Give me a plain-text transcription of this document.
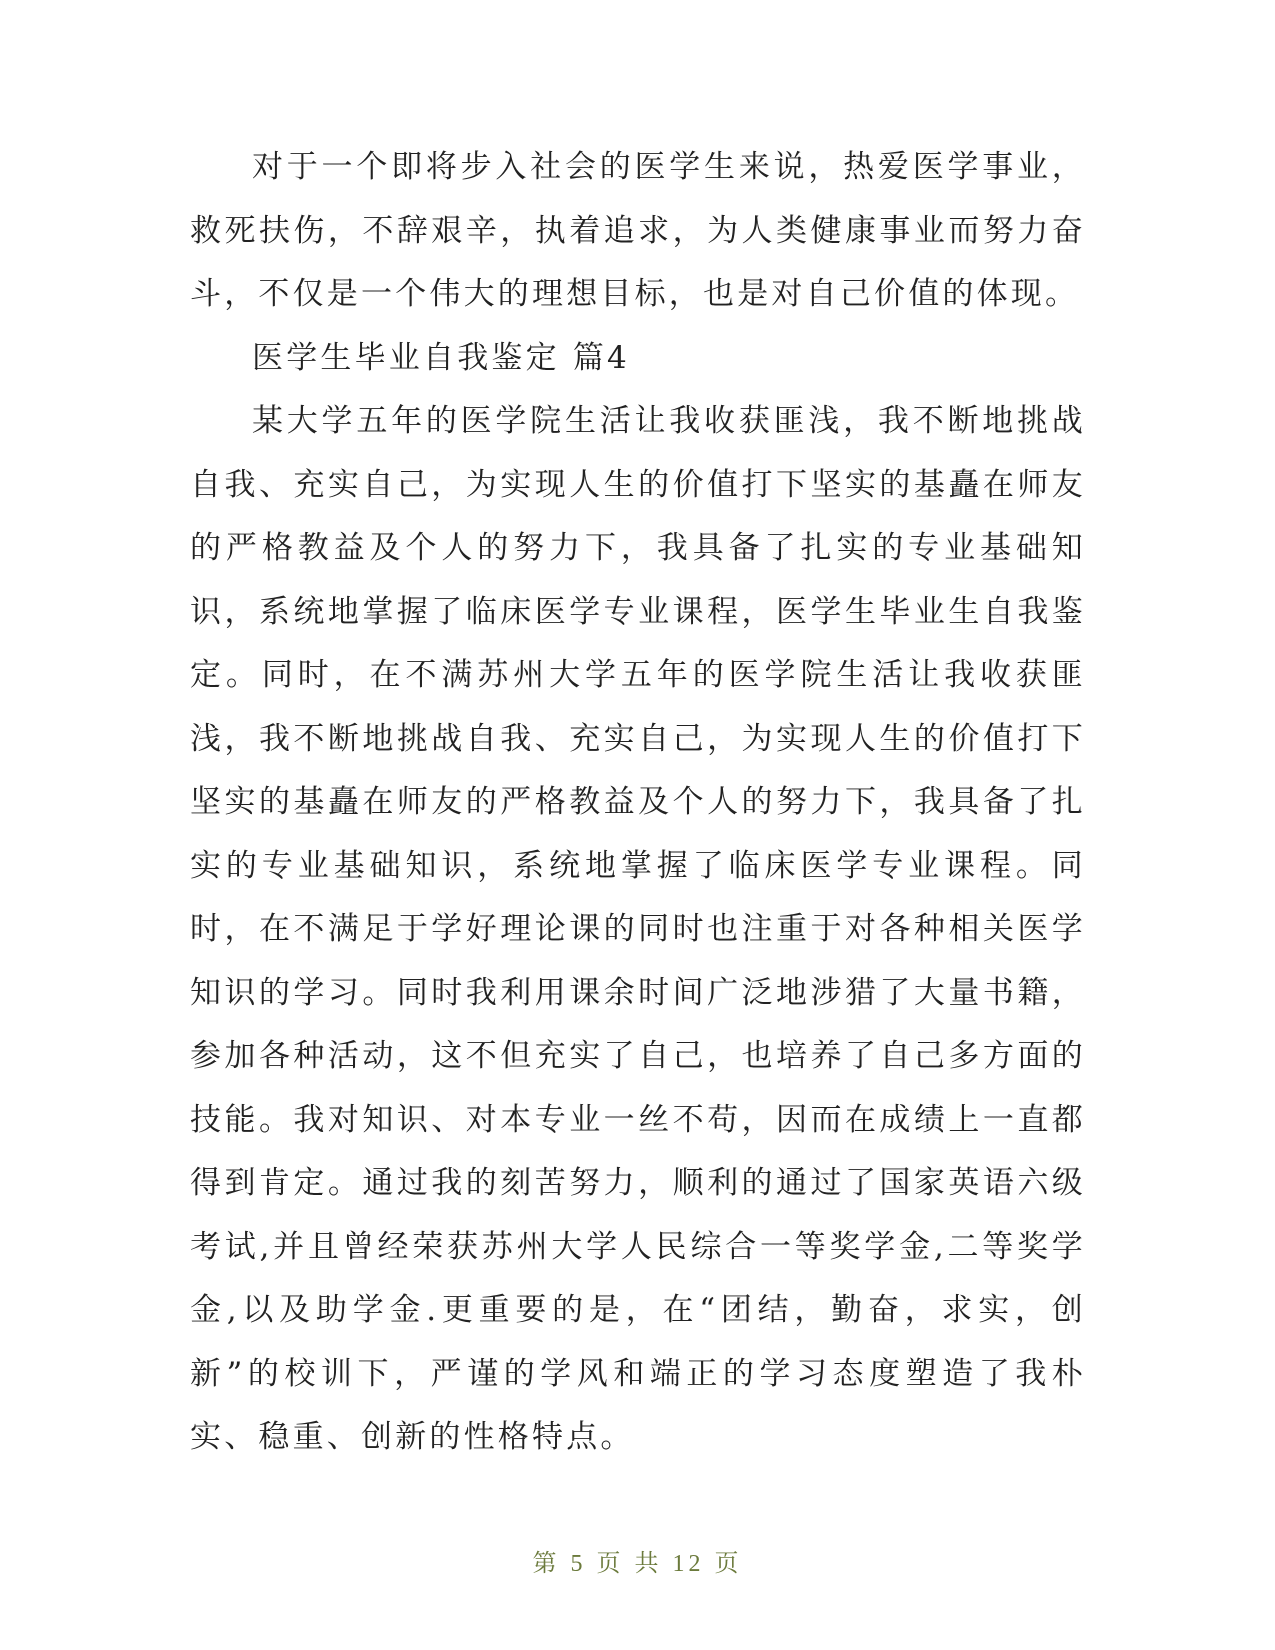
对于一个即将步入社会的医学生来说，热爱医学事业，救死扶伤，不辞艰辛，执着追求，为人类健康事业而努力奋斗，不仅是一个伟大的理想目标，也是对自己价值的体现。

医学生毕业自我鉴定 篇4

某大学五年的医学院生活让我收获匪浅，我不断地挑战自我、充实自己，为实现人生的价值打下坚实的基矗在师友的严格教益及个人的努力下，我具备了扎实的专业基础知识，系统地掌握了临床医学专业课程，医学生毕业生自我鉴定。同时，在不满苏州大学五年的医学院生活让我收获匪浅，我不断地挑战自我、充实自己，为实现人生的价值打下坚实的基矗在师友的严格教益及个人的努力下，我具备了扎实的专业基础知识，系统地掌握了临床医学专业课程。同时，在不满足于学好理论课的同时也注重于对各种相关医学知识的学习。同时我利用课余时间广泛地涉猎了大量书籍，参加各种活动，这不但充实了自己，也培养了自己多方面的技能。我对知识、对本专业一丝不苟，因而在成绩上一直都得到肯定。通过我的刻苦努力，顺利的通过了国家英语六级考试,并且曾经荣获苏州大学人民综合一等奖学金,二等奖学金,以及助学金.更重要的是，在“团结，勤奋，求实，创新”的校训下，严谨的学风和端正的学习态度塑造了我朴实、稳重、创新的性格特点。

第 5 页 共 12 页
